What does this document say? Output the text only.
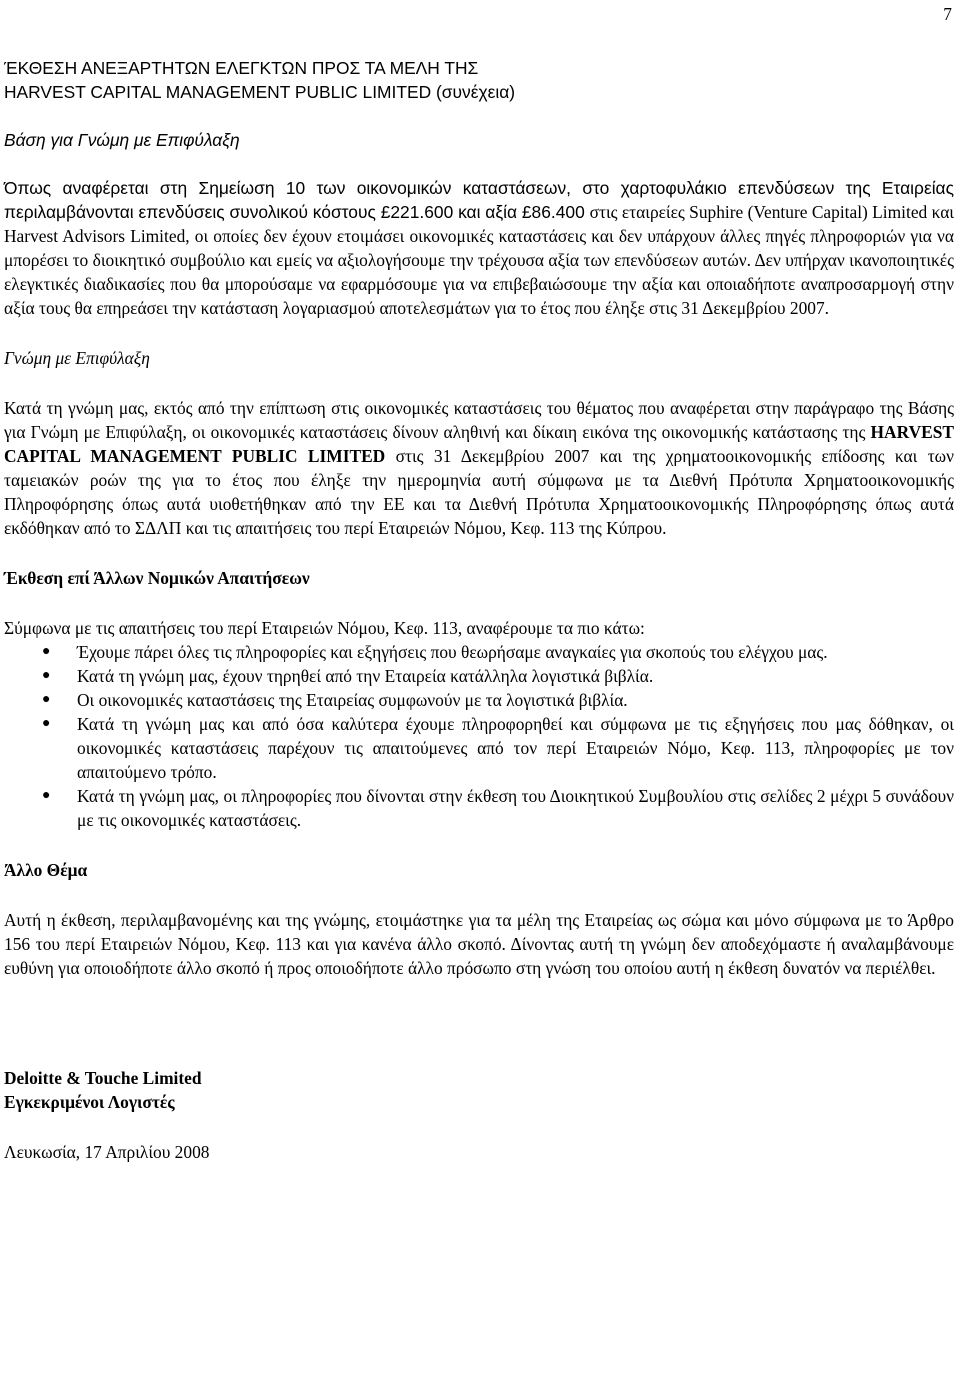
7
ΈΚΘΕΣΗ ΑΝΕΞΑΡΤΗΤΩΝ ΕΛΕΓΚΤΩΝ ΠΡΟΣ ΤΑ ΜΕΛΗ ΤΗΣ
HARVEST CAPITAL MANAGEMENT PUBLIC LIMITED (συνέχεια)

Βάση για Γνώμη με Επιφύλαξη

Όπως αναφέρεται στη Σημείωση 10 των οικονομικών καταστάσεων, στο χαρτοφυλάκιο επενδύσεων της Εταιρείας περιλαμβάνονται επενδύσεις συνολικού κόστους £221.600 και αξία £86.400 στις εταιρείες Suphire (Venture Capital) Limited και Harvest Advisors Limited, οι οποίες δεν έχουν ετοιμάσει οικονομικές καταστάσεις και δεν υπάρχουν άλλες πηγές πληροφοριών για να μπορέσει το διοικητικό συμβούλιο και εμείς να αξιολογήσουμε την τρέχουσα αξία των επενδύσεων αυτών. Δεν υπήρχαν ικανοποιητικές ελεγκτικές διαδικασίες που θα μπορούσαμε να εφαρμόσουμε για να επιβεβαιώσουμε την αξία και οποιαδήποτε αναπροσαρμογή στην αξία τους θα επηρεάσει την κατάσταση λογαριασμού αποτελεσμάτων για το έτος που έληξε στις 31 Δεκεμβρίου 2007.

Γνώμη με Επιφύλαξη

Κατά τη γνώμη μας, εκτός από την επίπτωση στις οικονομικές καταστάσεις του θέματος που αναφέρεται στην παράγραφο της Βάσης για Γνώμη με Επιφύλαξη, οι οικονομικές καταστάσεις δίνουν αληθινή και δίκαιη εικόνα της οικονομικής κατάστασης της HARVEST CAPITAL MANAGEMENT PUBLIC LIMITED στις 31 Δεκεμβρίου 2007 και της χρηματοοικονομικής επίδοσης και των ταμειακών ροών της για το έτος που έληξε την ημερομηνία αυτή σύμφωνα με τα Διεθνή Πρότυπα Χρηματοοικονομικής Πληροφόρησης όπως αυτά υιοθετήθηκαν από την ΕΕ και τα Διεθνή Πρότυπα Χρηματοοικονομικής Πληροφόρησης όπως αυτά εκδόθηκαν από το ΣΔΛΠ και τις απαιτήσεις του περί Εταιρειών Νόμου, Κεφ. 113 της Κύπρου.

Έκθεση επί Άλλων Νομικών Απαιτήσεων

Σύμφωνα με τις απαιτήσεις του περί Εταιρειών Νόμου, Κεφ. 113, αναφέρουμε τα πιο κάτω:

● Έχουμε πάρει όλες τις πληροφορίες και εξηγήσεις που θεωρήσαμε αναγκαίες για σκοπούς του ελέγχου μας.
● Κατά τη γνώμη μας, έχουν τηρηθεί από την Εταιρεία κατάλληλα λογιστικά βιβλία.
● Οι οικονομικές καταστάσεις της Εταιρείας συμφωνούν με τα λογιστικά βιβλία.
● Κατά τη γνώμη μας και από όσα καλύτερα έχουμε πληροφορηθεί και σύμφωνα με τις εξηγήσεις που μας δόθηκαν, οι οικονομικές καταστάσεις παρέχουν τις απαιτούμενες από τον περί Εταιρειών Νόμο, Κεφ. 113, πληροφορίες με τον απαιτούμενο τρόπο.
● Κατά τη γνώμη μας, οι πληροφορίες που δίνονται στην έκθεση του Διοικητικού Συμβουλίου στις σελίδες 2 μέχρι 5 συνάδουν με τις οικονομικές καταστάσεις.

Άλλο Θέμα

Αυτή η έκθεση, περιλαμβανομένης και της γνώμης, ετοιμάστηκε για τα μέλη της Εταιρείας ως σώμα και μόνο σύμφωνα με το Άρθρο 156 του περί Εταιρειών Νόμου, Κεφ. 113 και για κανένα άλλο σκοπό. Δίνοντας αυτή τη γνώμη δεν αποδεχόμαστε ή αναλαμβάνουμε ευθύνη για οποιοδήποτε άλλο σκοπό ή προς οποιοδήποτε άλλο πρόσωπο στη γνώση του οποίου αυτή η έκθεση δυνατόν να περιέλθει.

Deloitte & Touche Limited

Εγκεκριμένοι Λογιστές

Λευκωσία, 17 Απριλίου 2008
